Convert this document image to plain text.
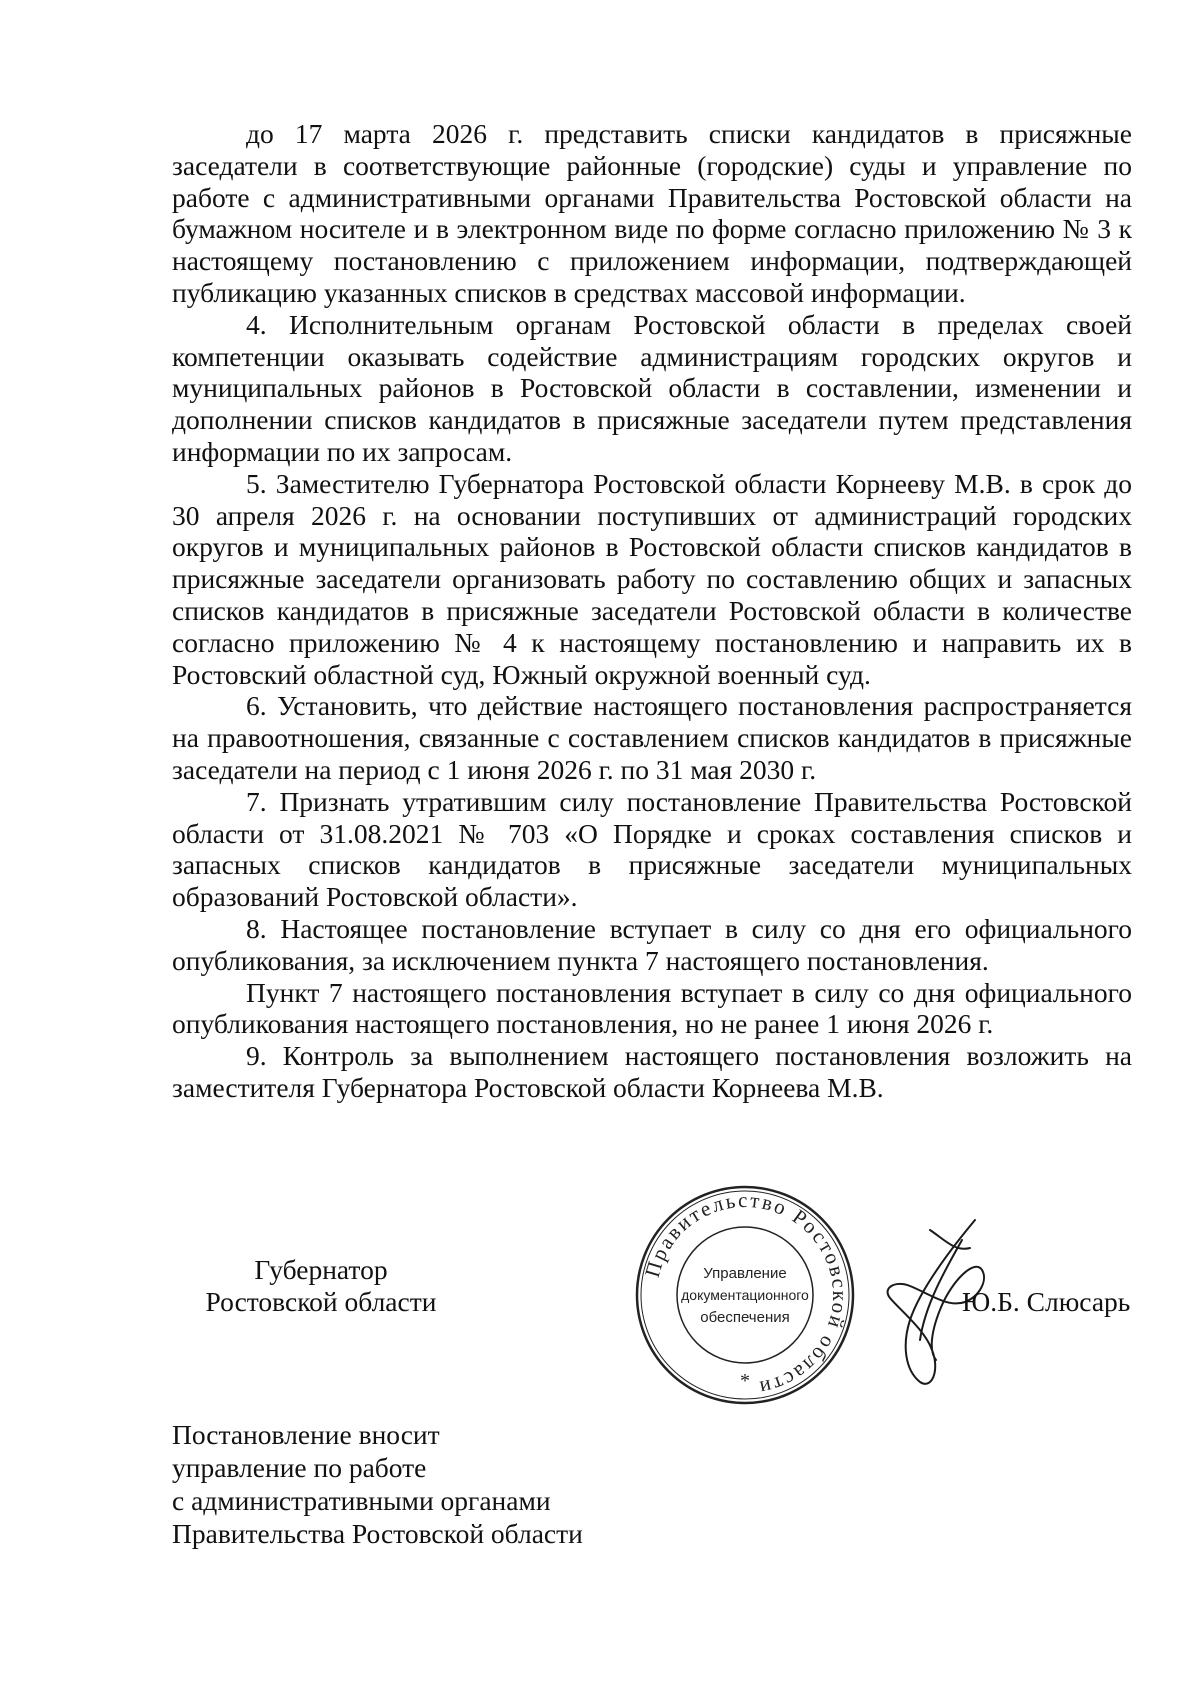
до 17 марта 2026 г. представить списки кандидатов в присяжные заседатели в соответствующие районные (городские) суды и управление по работе с административными органами Правительства Ростовской области на бумажном носителе и в электронном виде по форме согласно приложению № 3 к настоящему постановлению с приложением информации, подтверждающей публикацию указанных списков в средствах массовой информации.

4. Исполнительным органам Ростовской области в пределах своей компетенции оказывать содействие администрациям городских округов и муниципальных районов в Ростовской области в составлении, изменении и дополнении списков кандидатов в присяжные заседатели путем представления информации по их запросам.

5. Заместителю Губернатора Ростовской области Корнееву М.В. в срок до 30 апреля 2026 г. на основании поступивших от администраций городских округов и муниципальных районов в Ростовской области списков кандидатов в присяжные заседатели организовать работу по составлению общих и запасных списков кандидатов в присяжные заседатели Ростовской области в количестве согласно приложению № 4 к настоящему постановлению и направить их в Ростовский областной суд, Южный окружной военный суд.

6. Установить, что действие настоящего постановления распространяется на правоотношения, связанные с составлением списков кандидатов в присяжные заседатели на период с 1 июня 2026 г. по 31 мая 2030 г.

7. Признать утратившим силу постановление Правительства Ростовской области от 31.08.2021 № 703 «О Порядке и сроках составления списков и запасных списков кандидатов в присяжные заседатели муниципальных образований Ростовской области».

8. Настоящее постановление вступает в силу со дня его официального опубликования, за исключением пункта 7 настоящего постановления.

Пункт 7 настоящего постановления вступает в силу со дня официального опубликования настоящего постановления, но не ранее 1 июня 2026 г.

9. Контроль за выполнением настоящего постановления возложить на заместителя Губернатора Ростовской области Корнеева М.В.

Губернатор
Ростовской области
Правительство Ростовской области
Управление
документационного
обеспечения
*
Ю.Б. Слюсарь
Постановление вносит
управление по работе
с административными органами
Правительства Ростовской области
